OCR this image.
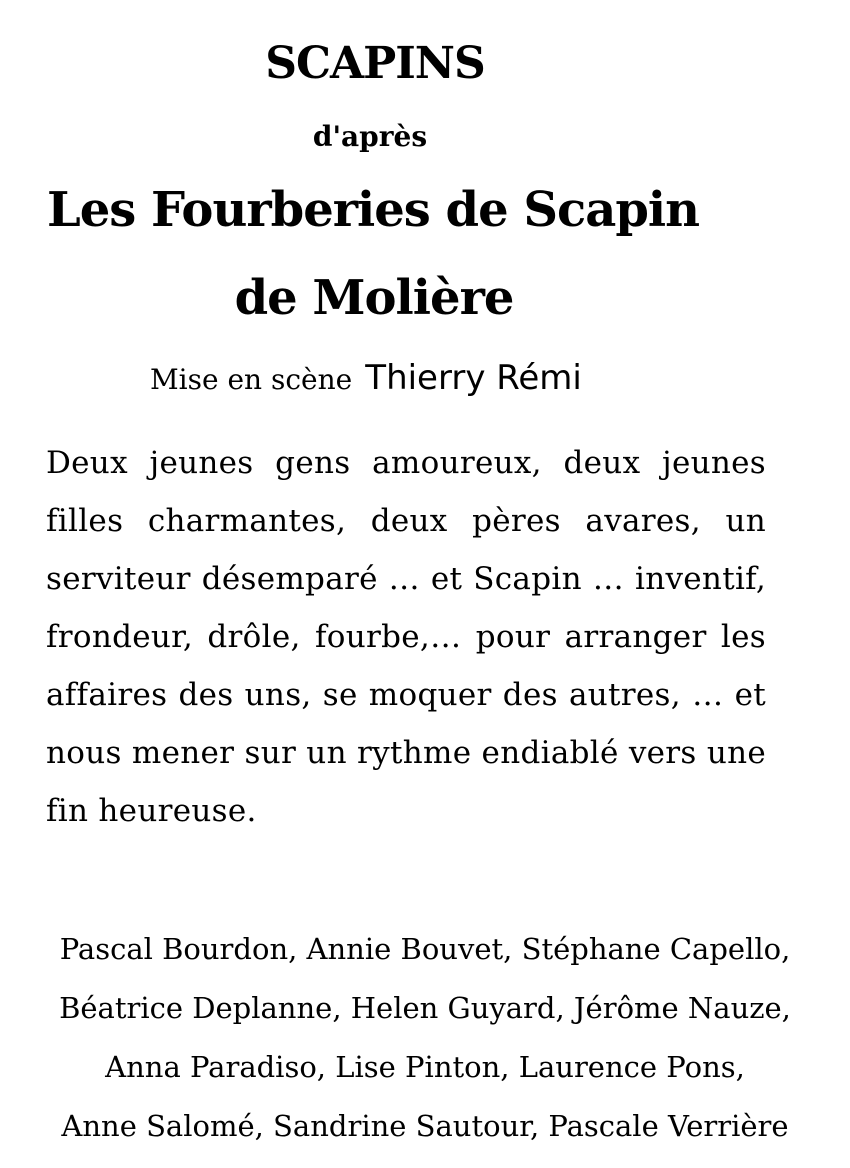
SCAPINS
d'après
Les Fourberies de Scapin
de Molière
Mise en scène Thierry Rémi
Deux jeunes gens amoureux, deux jeunes filles charmantes, deux pères avares, un serviteur désemparé … et Scapin … inventif, frondeur, drôle, fourbe,… pour arranger les affaires des uns, se moquer des autres, … et nous mener sur un rythme endiablé vers une fin heureuse.
Pascal Bourdon, Annie Bouvet, Stéphane Capello,
Béatrice Deplanne, Helen Guyard, Jérôme Nauze,
Anna Paradiso, Lise Pinton, Laurence Pons,
Anne Salomé, Sandrine Sautour, Pascale Verrière
